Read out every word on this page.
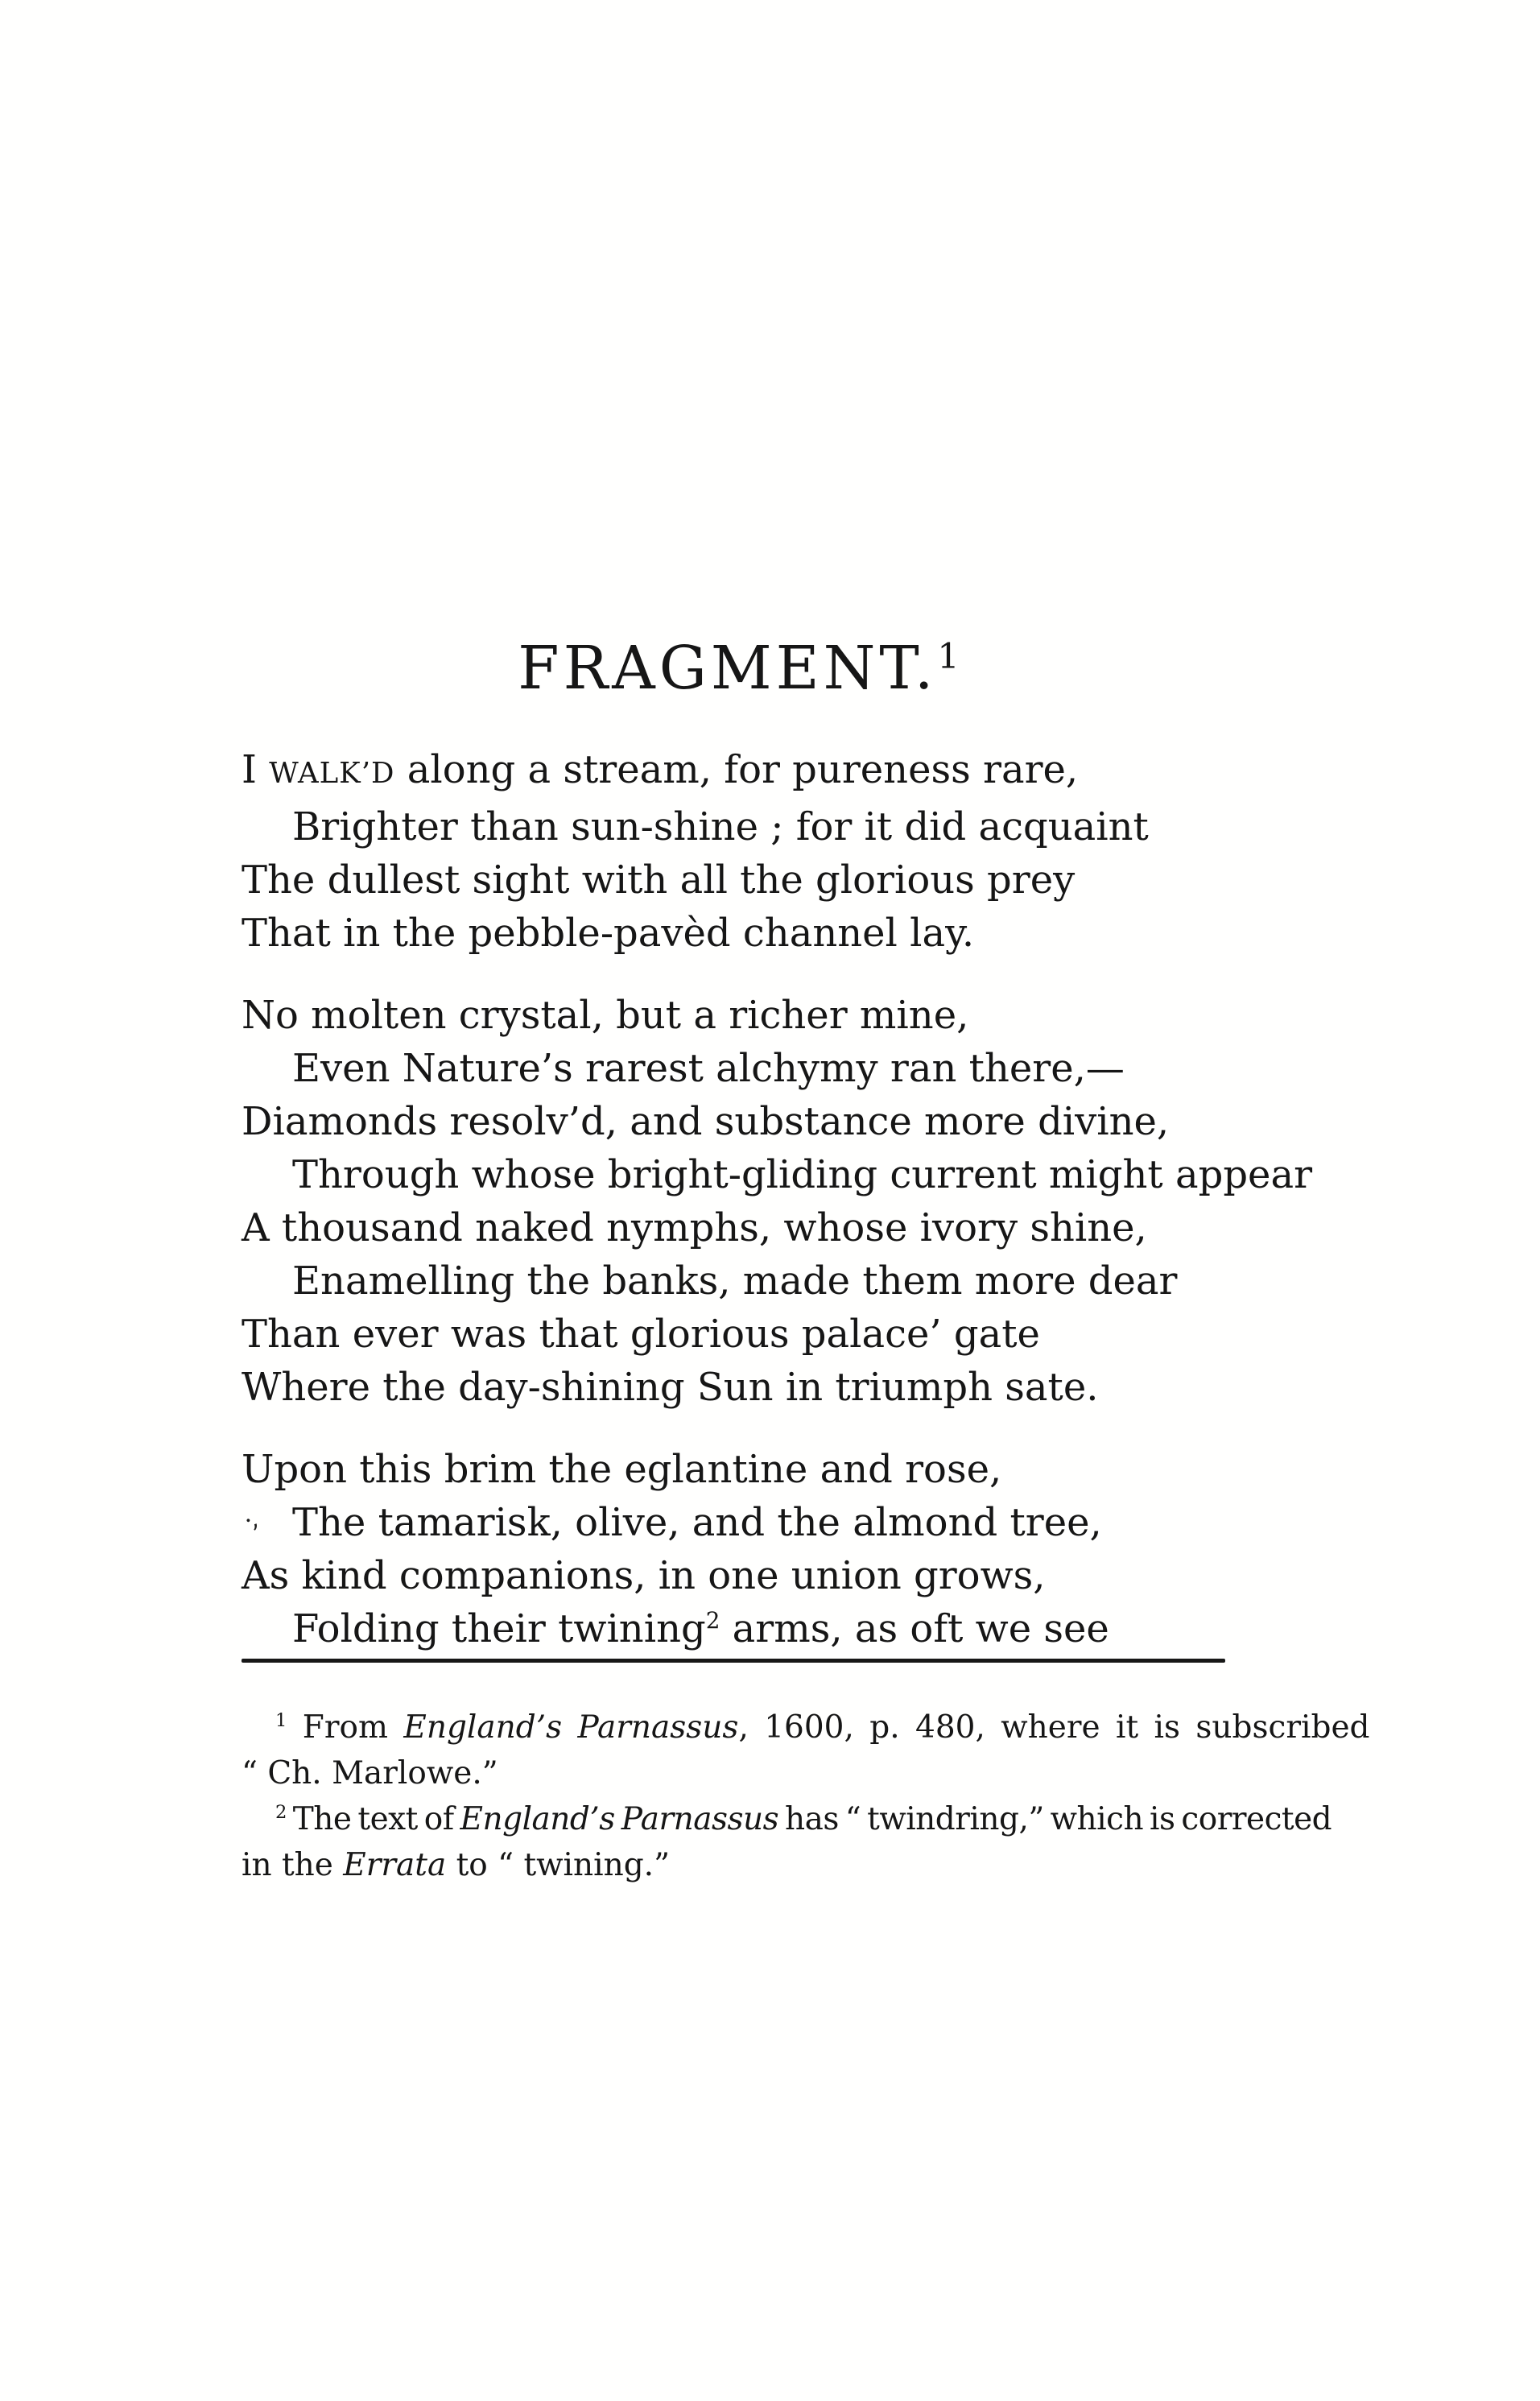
FRAGMENT.$^1$
I WALK’D along a stream, for pureness rare,
Brighter than sun-shine ; for it did acquaint
The dullest sight with all the glorious prey
That in the pebble-pavèd channel lay.
No molten crystal, but a richer mine,
Even Nature’s rarest alchymy ran there,—
Diamonds resolv’d, and substance more divine,
Through whose bright-gliding current might appear
A thousand naked nymphs, whose ivory shine,
Enamelling the banks, made them more dear
Than ever was that glorious palace’ gate
Where the day-shining Sun in triumph sate.
Upon this brim the eglantine and rose,
·, The tamarisk, olive, and the almond tree,
As kind companions, in one union grows,
Folding their twining$^2$ arms, as oft we see
$^1$ From England’s Parnassus, 1600, p. 480, where it is subscribed
“ Ch. Marlowe.”
$^2$ The text of England’s Parnassus has “ twindring,” which is corrected
in the Errata to “ twining.”
